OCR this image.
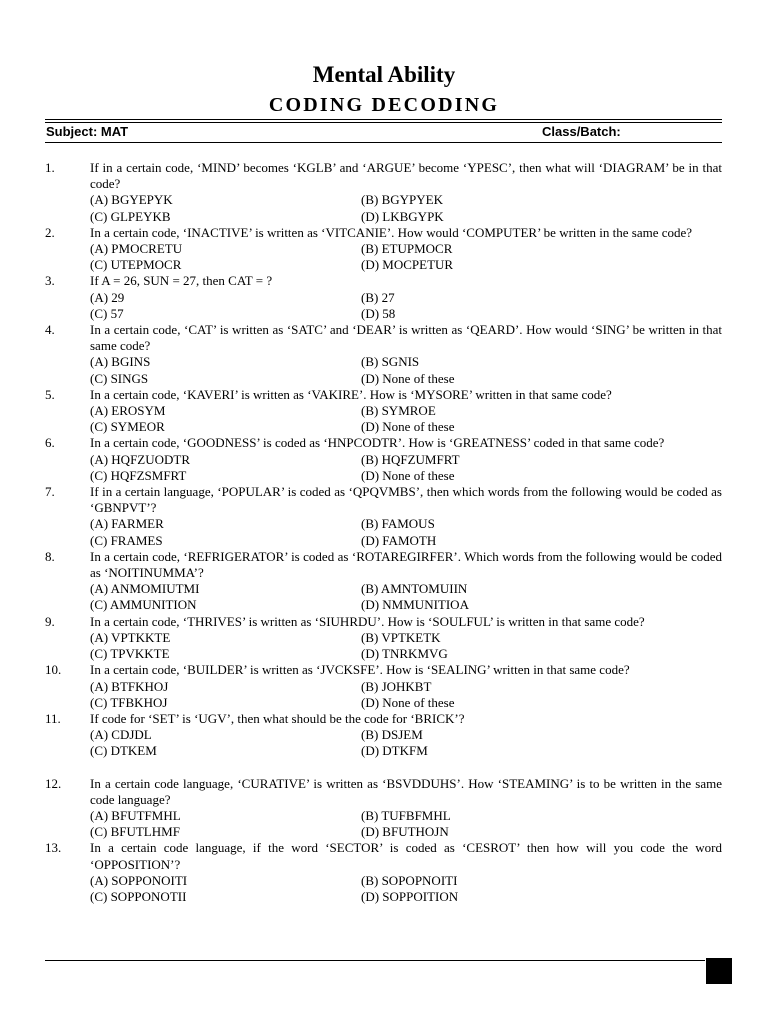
Mental Ability
CODING DECODING
Subject: MAT	Class/Batch:
1.	If in a certain code, ‘MIND’ becomes ‘KGLB’ and ‘ARGUE’ become ‘YPESC’, then what will ‘DIAGRAM’ be in that code?
(A) BGYEPYK	(B) BGYPYEK
(C) GLPEYKB	(D) LKBGYPK
2.	In a certain code, ‘INACTIVE’ is written as ‘VITCANIE’. How would ‘COMPUTER’ be written in the same code?
(A) PMOCRETU	(B) ETUPMOCR
(C) UTEPMOCR	(D) MOCPETUR
3.	If A = 26, SUN = 27, then CAT = ?
(A) 29	(B) 27
(C) 57	(D) 58
4.	In a certain code, ‘CAT’ is written as ‘SATC’ and ‘DEAR’ is written as ‘QEARD’. How would ‘SING’ be written in that same code?
(A) BGINS	(B) SGNIS
(C) SINGS	(D) None of these
5.	In a certain code, ‘KAVERI’ is written as ‘VAKIRE’. How is ‘MYSORE’ written in that same code?
(A) EROSYM	(B) SYMROE
(C) SYMEOR	(D) None of these
6.	In a certain code, ‘GOODNESS’ is coded as ‘HNPCODTR’. How is ‘GREATNESS’ coded in that same code?
(A) HQFZUODTR	(B) HQFZUMFRT
(C) HQFZSMFRT	(D) None of these
7.	If in a certain language, ‘POPULAR’ is coded as ‘QPQVMBS’, then which words from the following would be coded as ‘GBNPVT’?
(A) FARMER	(B) FAMOUS
(C) FRAMES	(D) FAMOTH
8.	In a certain code, ‘REFRIGERATOR’ is coded as ‘ROTAREGIRFER’. Which words from the following would be coded as ‘NOITINUMMA’?
(A) ANMOMIUTMI	(B) AMNTOMUIIN
(C) AMMUNITION	(D) NMMUNITIOA
9.	In a certain code, ‘THRIVES’ is written as ‘SIUHRDU’. How is ‘SOULFUL’ is written in that same code?
(A) VPTKKTE	(B) VPTKETK
(C) TPVKKTE	(D) TNRKMVG
10. In a certain code, ‘BUILDER’ is written as ‘JVCKSFE’. How is ‘SEALING’ written in that same code?
(A) BTFKHOJ	(B) JOHKBT
(C) TFBKHOJ	(D) None of these
11. If code for ‘SET’ is ‘UGV’, then what should be the code for ‘BRICK’?
(A) CDJDL	(B) DSJEM
(C) DTKEM	(D) DTKFM
12. In a certain code language, ‘CURATIVE’ is written as ‘BSVDDUHS’. How ‘STEAMING’ is to be written in the same code language?
(A) BFUTFMHL	(B) TUFBFMHL
(C) BFUTLHMF	(D) BFUTHOJN
13. In a certain code language, if the word ‘SECTOR’ is coded as ‘CESROT’ then how will you code the word ‘OPPOSITION’?
(A) SOPPONOITI	(B) SOPOPNOITI
(C) SOPPONOTII	(D) SOPPOITION
